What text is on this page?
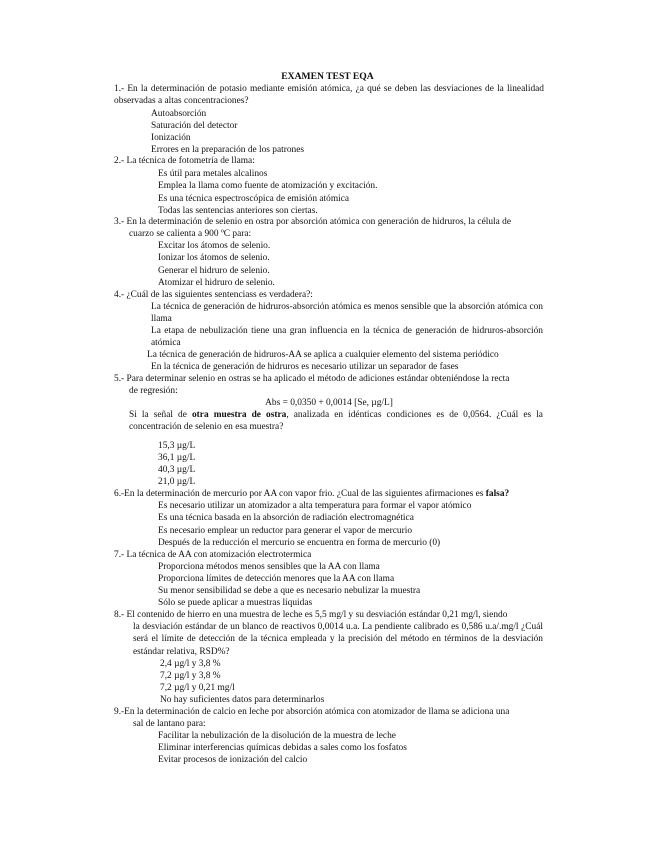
EXAMEN TEST EQA
1.- En la determinación de potasio mediante emisión atómica, ¿a qué se deben las desviaciones de la linealidad observadas a altas concentraciones?
Autoabsorción
Saturación del detector
Ionización
Errores en la preparación de los patrones
2.- La técnica de fotometría de llama:
Es útil para metales alcalinos
Emplea la llama como fuente de atomización y excitación.
Es una técnica espectroscópica de emisión atómica
Todas las sentencias anteriores son ciertas.
3.- En la determinación de selenio en ostra por absorción atómica con generación de hidruros, la célula de
cuarzo se calienta a 900 ºC para:
Excitar los átomos de selenio.
Ionizar los átomos de selenio.
Generar el hidruro de selenio.
Atomizar el hidruro de selenio.
4.- ¿Cuál de las siguientes sentenciass es verdadera?:
La técnica de generación de hidruros-absorción atómica es menos sensible que la absorción atómica con llama
La etapa de nebulización tiene una gran influencia en la técnica de generación de hidruros-absorción atómica
La técnica de generación de hidruros-AA se aplica a cualquier elemento del sistema periódico
En la técnica de generación de hidruros es necesario utilizar un separador de fases
5.- Para determinar selenio en ostras se ha aplicado el método de adiciones estándar obteniéndose la recta
de regresión:
Abs = 0,0350 + 0,0014 [Se, µg/L]
Si la señal de otra muestra de ostra, analizada en idénticas condiciones es de 0,0564. ¿Cuál es la concentración de selenio en esa muestra?
15,3 µg/L
36,1 µg/L
40,3 µg/L
21,0 µg/L
6.-En la determinación de mercurio por AA con vapor frio. ¿Cual de las siguientes afirmaciones es falsa?
Es necesario utilizar un atomizador a alta temperatura para formar el vapor atómico
Es una técnica basada en la absorción de radiación electromagnética
Es necesario emplear un reductor para generar el vapor de mercurio
Después de la reducción el mercurio se encuentra en forma de mercurio (0)
7.- La técnica de AA con atomización electrotermica
Proporciona métodos menos sensibles que la AA con llama
Proporciona límites de detección menores que la AA con llama
Su menor sensibilidad se debe a que es necesario nebulizar la muestra
Sólo se puede aplicar a muestras líquidas
8.- El contenido de hierro en una muestra de leche es 5,5 mg/l y su desviación estándar 0,21 mg/l, siendo
la desviación estándar de un blanco de reactivos 0,0014 u.a. La pendiente calibrado es 0,586 u.a/.mg/l ¿Cuál será el límite de detección de la técnica empleada y la precisión del método en términos de la desviación estándar relativa, RSD%?
2,4 µg/l y 3,8 %
7,2 µg/l y 3,8 %
7,2 µg/l y 0,21 mg/l
No hay suficientes datos para determinarlos
9.-En la determinación de calcio en leche por absorción atómica con atomizador de llama se adiciona una
sal de lantano para:
Facilitar la nebulización de la disolución de la muestra de leche
Eliminar interferencias químicas debidas a sales como los fosfatos
Evitar procesos de ionización del calcio
